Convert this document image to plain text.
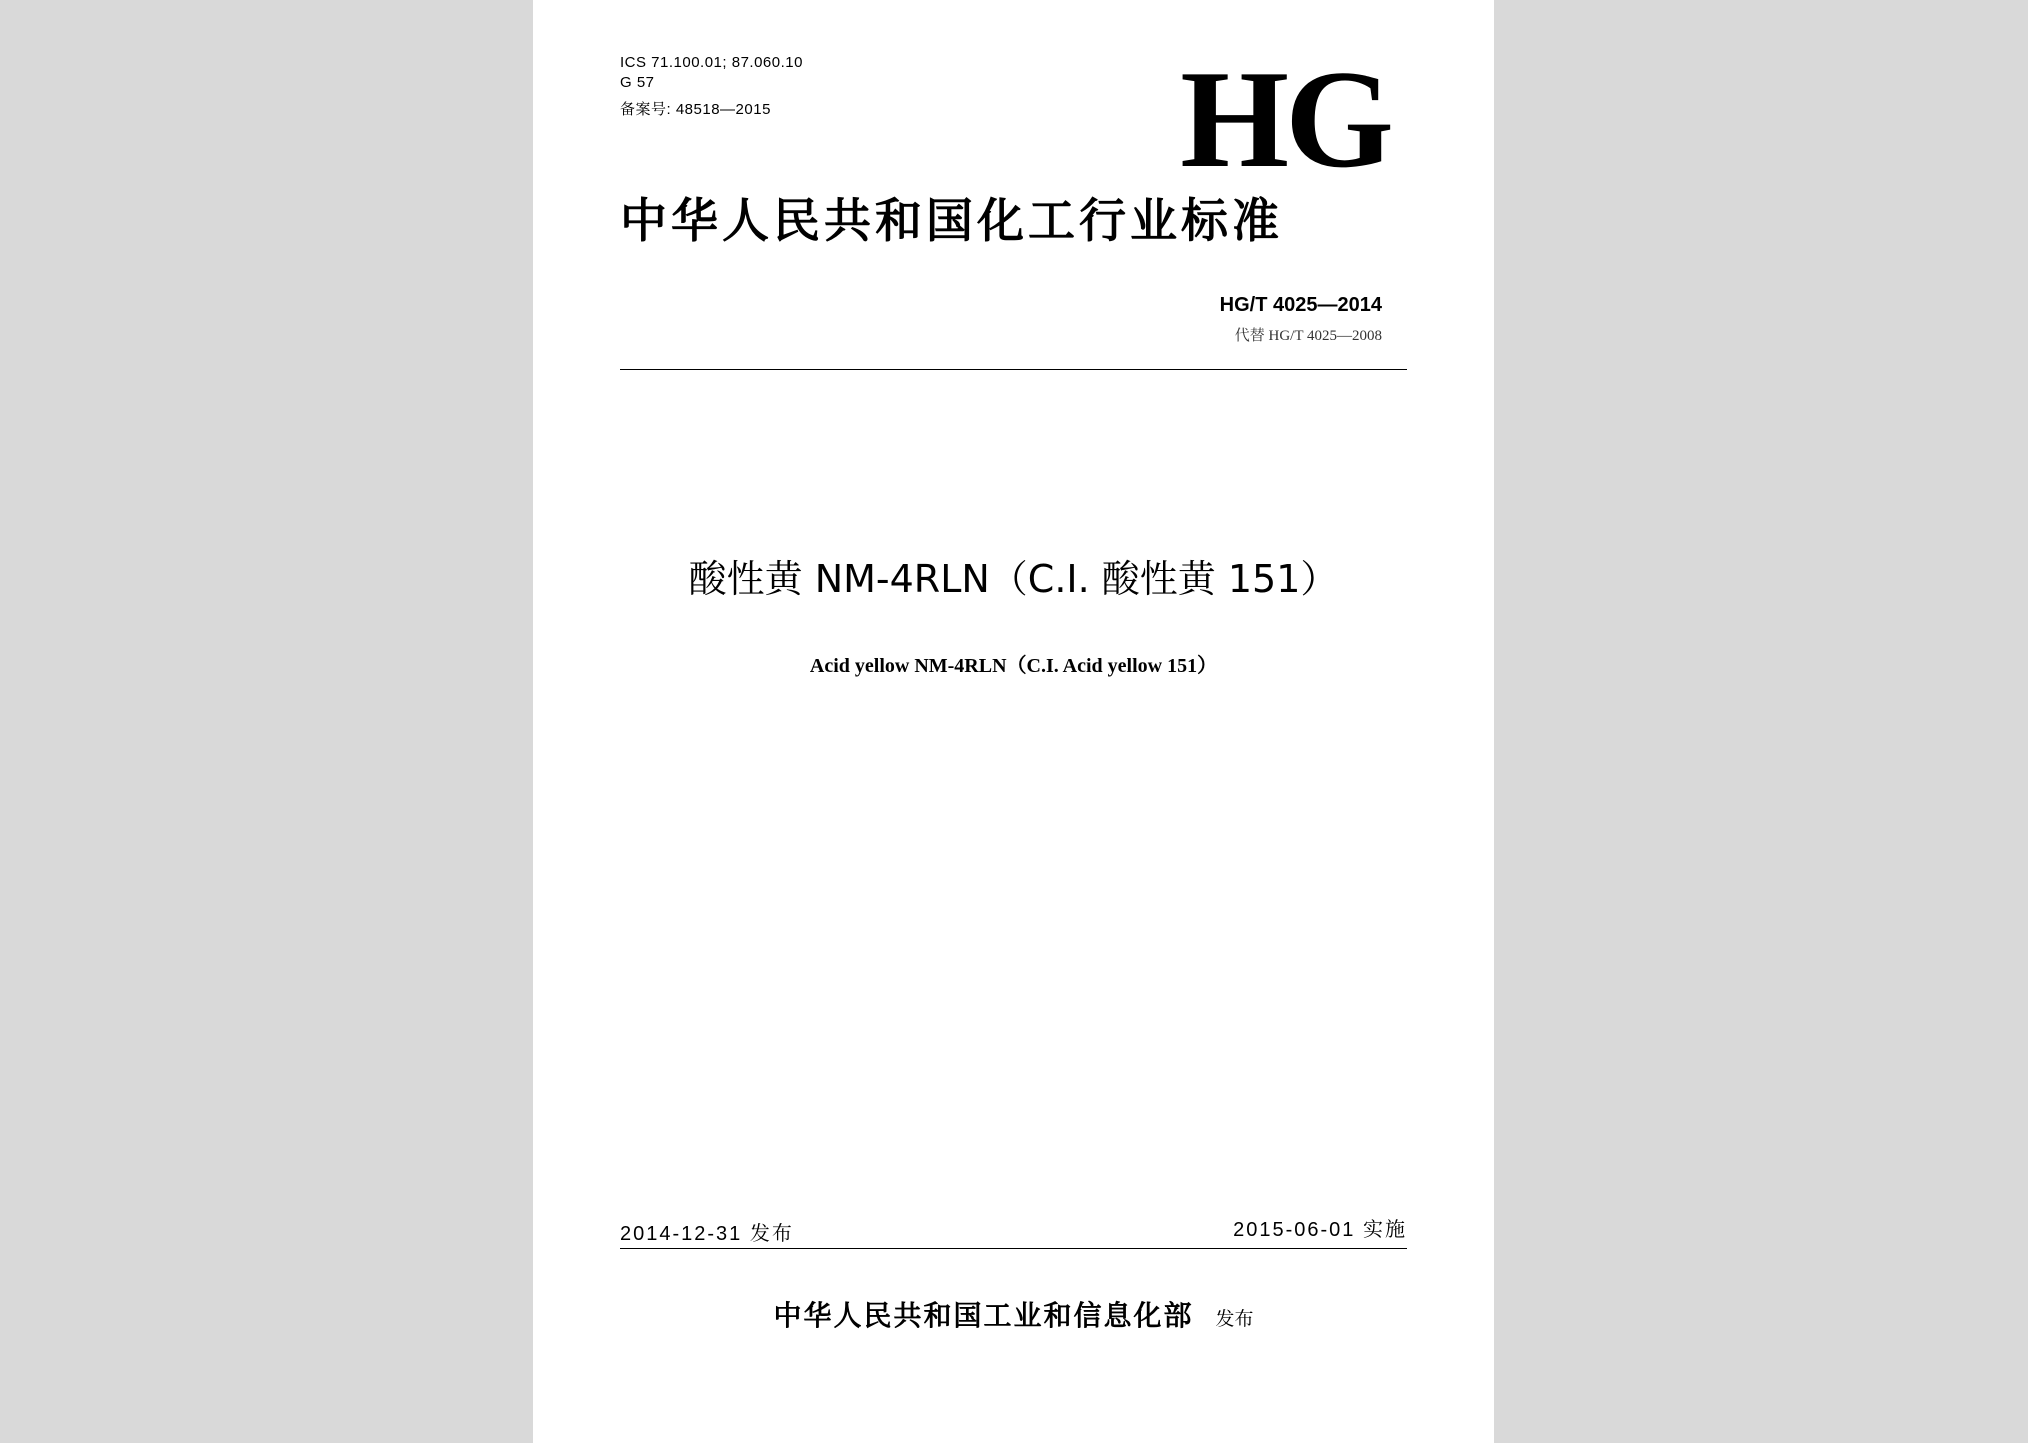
ICS 71.100.01; 87.060.10
G 57
备案号: 48518—2015	HG
中华人民共和国化工行业标准
HG/T 4025—2014
代替 HG/T 4025—2008
酸性黄 NM-4RLN（C.I. 酸性黄 151）
Acid yellow NM-4RLN（C.I. Acid yellow 151）
2014-12-31 发布	2015-06-01 实施
中华人民共和国工业和信息化部 发布
